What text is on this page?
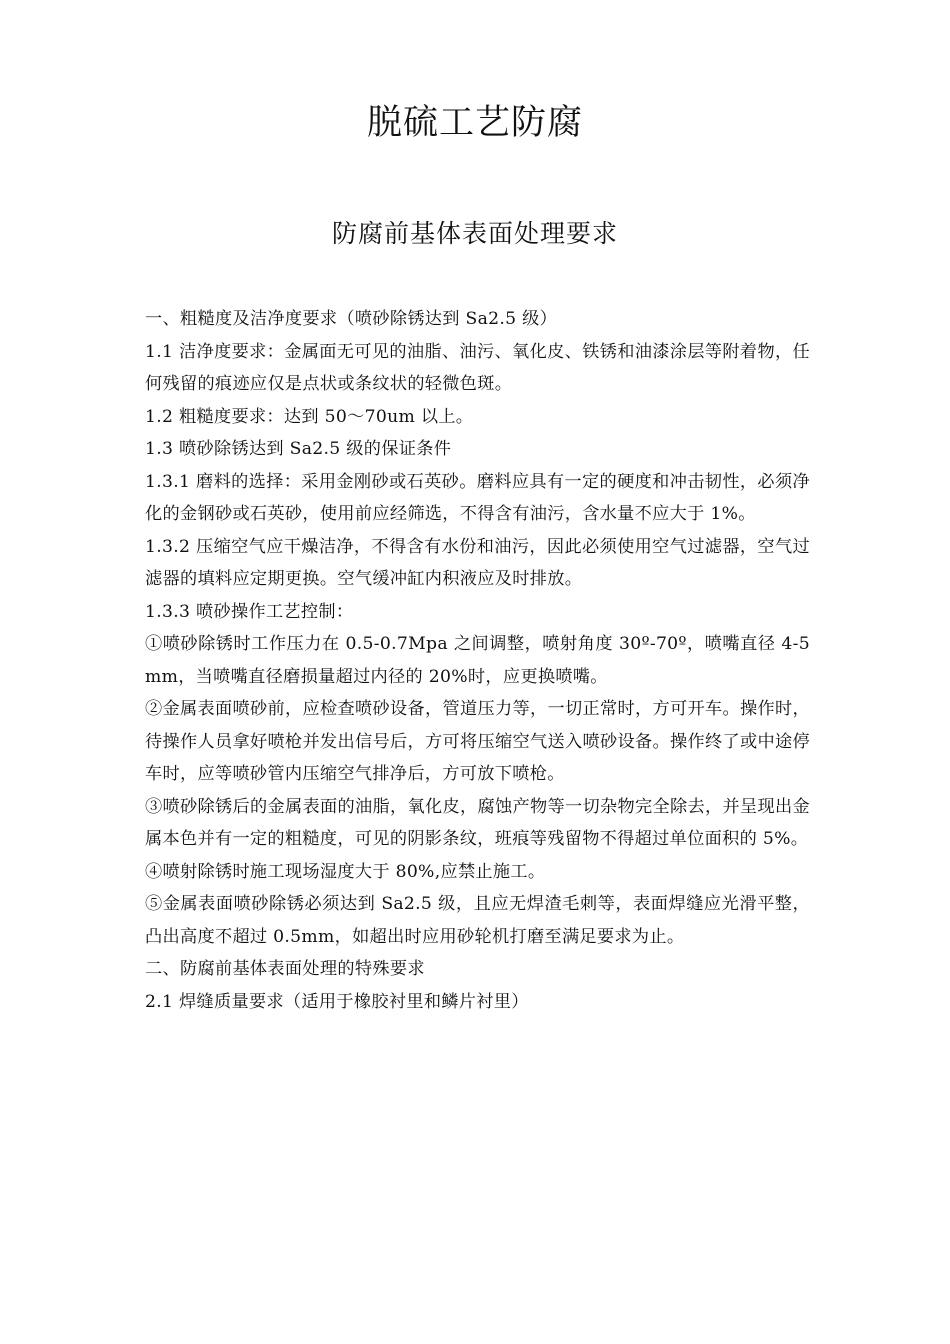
脱硫工艺防腐
防腐前基体表面处理要求

一、粗糙度及洁净度要求（喷砂除锈达到 Sa2.5 级）

1.1 洁净度要求：金属面无可见的油脂、油污、氧化皮、铁锈和油漆涂层等附着物，任何残留的痕迹应仅是点状或条纹状的轻微色斑。

1.2 粗糙度要求：达到 50～70um 以上。

1.3 喷砂除锈达到 Sa2.5 级的保证条件

1.3.1 磨料的选择：采用金刚砂或石英砂。磨料应具有一定的硬度和冲击韧性，必须净化的金钢砂或石英砂，使用前应经筛选，不得含有油污，含水量不应大于 1%。

1.3.2 压缩空气应干燥洁净，不得含有水份和油污，因此必须使用空气过滤器，空气过滤器的填料应定期更换。空气缓冲缸内积液应及时排放。

1.3.3 喷砂操作工艺控制：

①喷砂除锈时工作压力在 0.5-0.7Mpa 之间调整，喷射角度 30º-70º，喷嘴直径 4-5mm，当喷嘴直径磨损量超过内径的 20%时，应更换喷嘴。

②金属表面喷砂前，应检查喷砂设备，管道压力等，一切正常时，方可开车。操作时，待操作人员拿好喷枪并发出信号后，方可将压缩空气送入喷砂设备。操作终了或中途停车时，应等喷砂管内压缩空气排净后，方可放下喷枪。

③喷砂除锈后的金属表面的油脂，氧化皮，腐蚀产物等一切杂物完全除去，并呈现出金属本色并有一定的粗糙度，可见的阴影条纹，班痕等残留物不得超过单位面积的 5%。

④喷射除锈时施工现场湿度大于 80%,应禁止施工。

⑤金属表面喷砂除锈必须达到 Sa2.5 级，且应无焊渣毛刺等，表面焊缝应光滑平整，凸出高度不超过 0.5mm，如超出时应用砂轮机打磨至满足要求为止。

二、防腐前基体表面处理的特殊要求

2.1 焊缝质量要求（适用于橡胶衬里和鳞片衬里）
